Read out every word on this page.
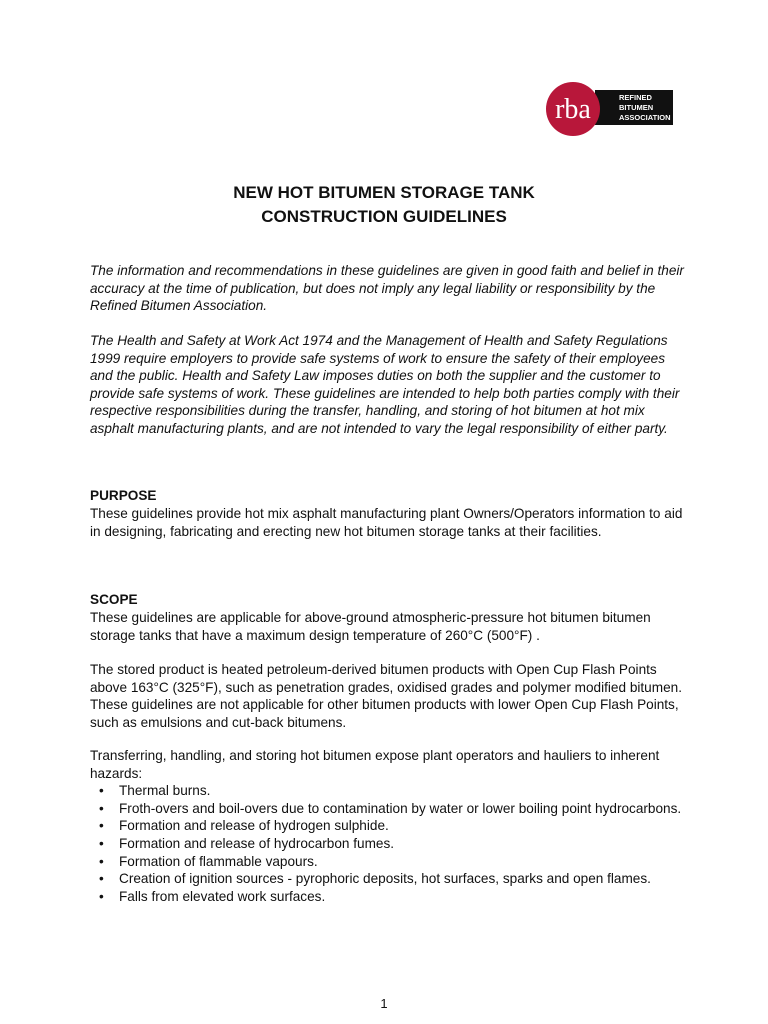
rba	REFINED
BITUMEN
ASSOCIATION
NEW HOT BITUMEN STORAGE TANK
CONSTRUCTION GUIDELINES

The information and recommendations in these guidelines are given in good faith and belief in their accuracy at the time of publication, but does not imply any legal liability or responsibility by the Refined Bitumen Association.

The Health and Safety at Work Act 1974 and the Management of Health and Safety Regulations 1999 require employers to provide safe systems of work to ensure the safety of their employees and the public. Health and Safety Law imposes duties on both the supplier and the customer to provide safe systems of work. These guidelines are intended to help both parties comply with their respective responsibilities during the transfer, handling, and storing of hot bitumen at hot mix asphalt manufacturing plants, and are not intended to vary the legal responsibility of either party.

PURPOSE

These guidelines provide hot mix asphalt manufacturing plant Owners/Operators information to aid in designing, fabricating and erecting new hot bitumen storage tanks at their facilities.

SCOPE

These guidelines are applicable for above-ground atmospheric-pressure hot bitumen bitumen storage tanks that have a maximum design temperature of 260°C (500°F) .

The stored product is heated petroleum-derived bitumen products with Open Cup Flash Points above 163°C (325°F), such as penetration grades, oxidised grades and polymer modified bitumen. These guidelines are not applicable for other bitumen products with lower Open Cup Flash Points, such as emulsions and cut-back bitumens.

Transferring, handling, and storing hot bitumen expose plant operators and hauliers to inherent hazards:

• Thermal burns.
• Froth-overs and boil-overs due to contamination by water or lower boiling point hydrocarbons.
• Formation and release of hydrogen sulphide.
• Formation and release of hydrocarbon fumes.
• Formation of flammable vapours.
• Creation of ignition sources - pyrophoric deposits, hot surfaces, sparks and open flames.
• Falls from elevated work surfaces.
1
